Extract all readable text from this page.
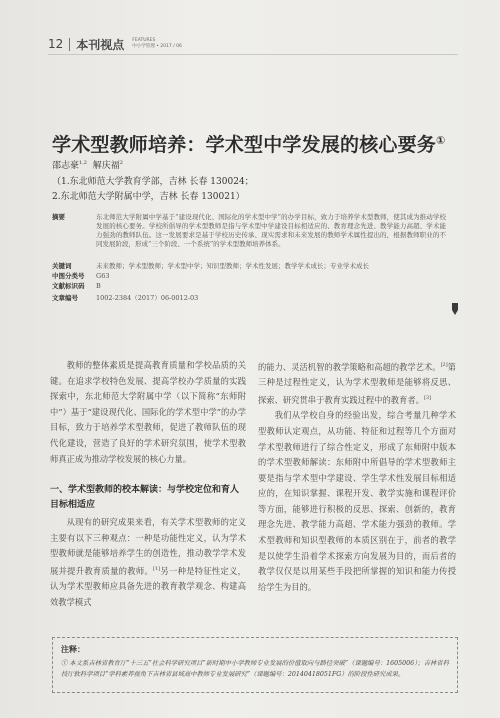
12 本刊视点 FEATURES
中小学管理 • 2017 / 06
学术型教师培养：学术型中学发展的核心要务①
邵志豪$^{1,2}$ 解庆福$^2$
（1.东北师范大学教育学部，吉林 长春 130024；
2.东北师范大学附属中学，吉林 长春 130021）
摘要	东北师范大学附属中学基于“建设现代化、国际化的学术型中学”的办学目标，致力于培养学术型教师，使其成为推动学校发展的核心要务。学校所倡导的学术型教师是指与学术型中学建设目标相适应的、教育理念先进、教学能力高超、学术能力强劲的教师队伍。这一发展要求是基于学校历史传承、现实需求和未来发展的教师学术属性提出的，根据教师职业的不同发展阶段，形成“三个阶段、一个系统”的学术型教师培养体系。
关键词	未来教师；学术型教师；学术型中学；知识型教师；学术性发展；教学学术成长；专业学术成长
中图分类号	G63
文献标识码	B
文章编号	1002-2384（2017）06-0012-03

教师的整体素质是提高教育质量和学校品质的关键。在追求学校特色发展、提高学校办学质量的实践探索中，东北师范大学附属中学（以下简称“东师附中”）基于“建设现代化、国际化的学术型中学”的办学目标，致力于培养学术型教师，促进了教师队伍的现代化建设，营造了良好的学术研究氛围，使学术型教师真正成为推动学校发展的核心力量。

一、学术型教师的校本解读：与学校定位和育人目标相适应

从现有的研究成果来看，有关学术型教师的定义主要有以下三种观点：一种是功能性定义，认为学术型教师就是能够培养学生的创造性，推动教学学术发展并提升教育质量的教师。[1]另一种是特征性定义，认为学术型教师应具备先进的教育教学观念、构建高效教学模式

的能力、灵活机智的教学策略和高超的教学艺术。[2]第三种是过程性定义，认为学术型教师是能够将反思、探索、研究贯串于教育实践过程中的教育者。[3]

我们从学校自身的经验出发，综合考量几种学术型教师认定观点，从功能、特征和过程等几个方面对学术型教师进行了综合性定义，形成了东师附中版本的学术型教师解读：东师附中所倡导的学术型教师主要是指与学术型中学建设、学生学术性发展目标相适应的，在知识掌握、课程开发、教学实施和课程评价等方面，能够进行积极的反思、探索、创新的，教育理念先进、教学能力高超、学术能力强劲的教师。学术型教师和知识型教师的本质区别在于，前者的教学是以使学生沿着学术探索方向发展为目的，而后者的教学仅仅是以用某些手段把所掌握的知识和能力传授给学生为目的。

注释：
① 本文系吉林省教育厅“十三五”社会科学研究项目“新时期中小学教师专业发展的价值取向与路径突破”（课题编号：1605006）；吉林省科技厅软科学项目“学科素养视角下吉林省县域高中教师专业发展研究”（课题编号：20140418051FG）的阶段性研究成果。
